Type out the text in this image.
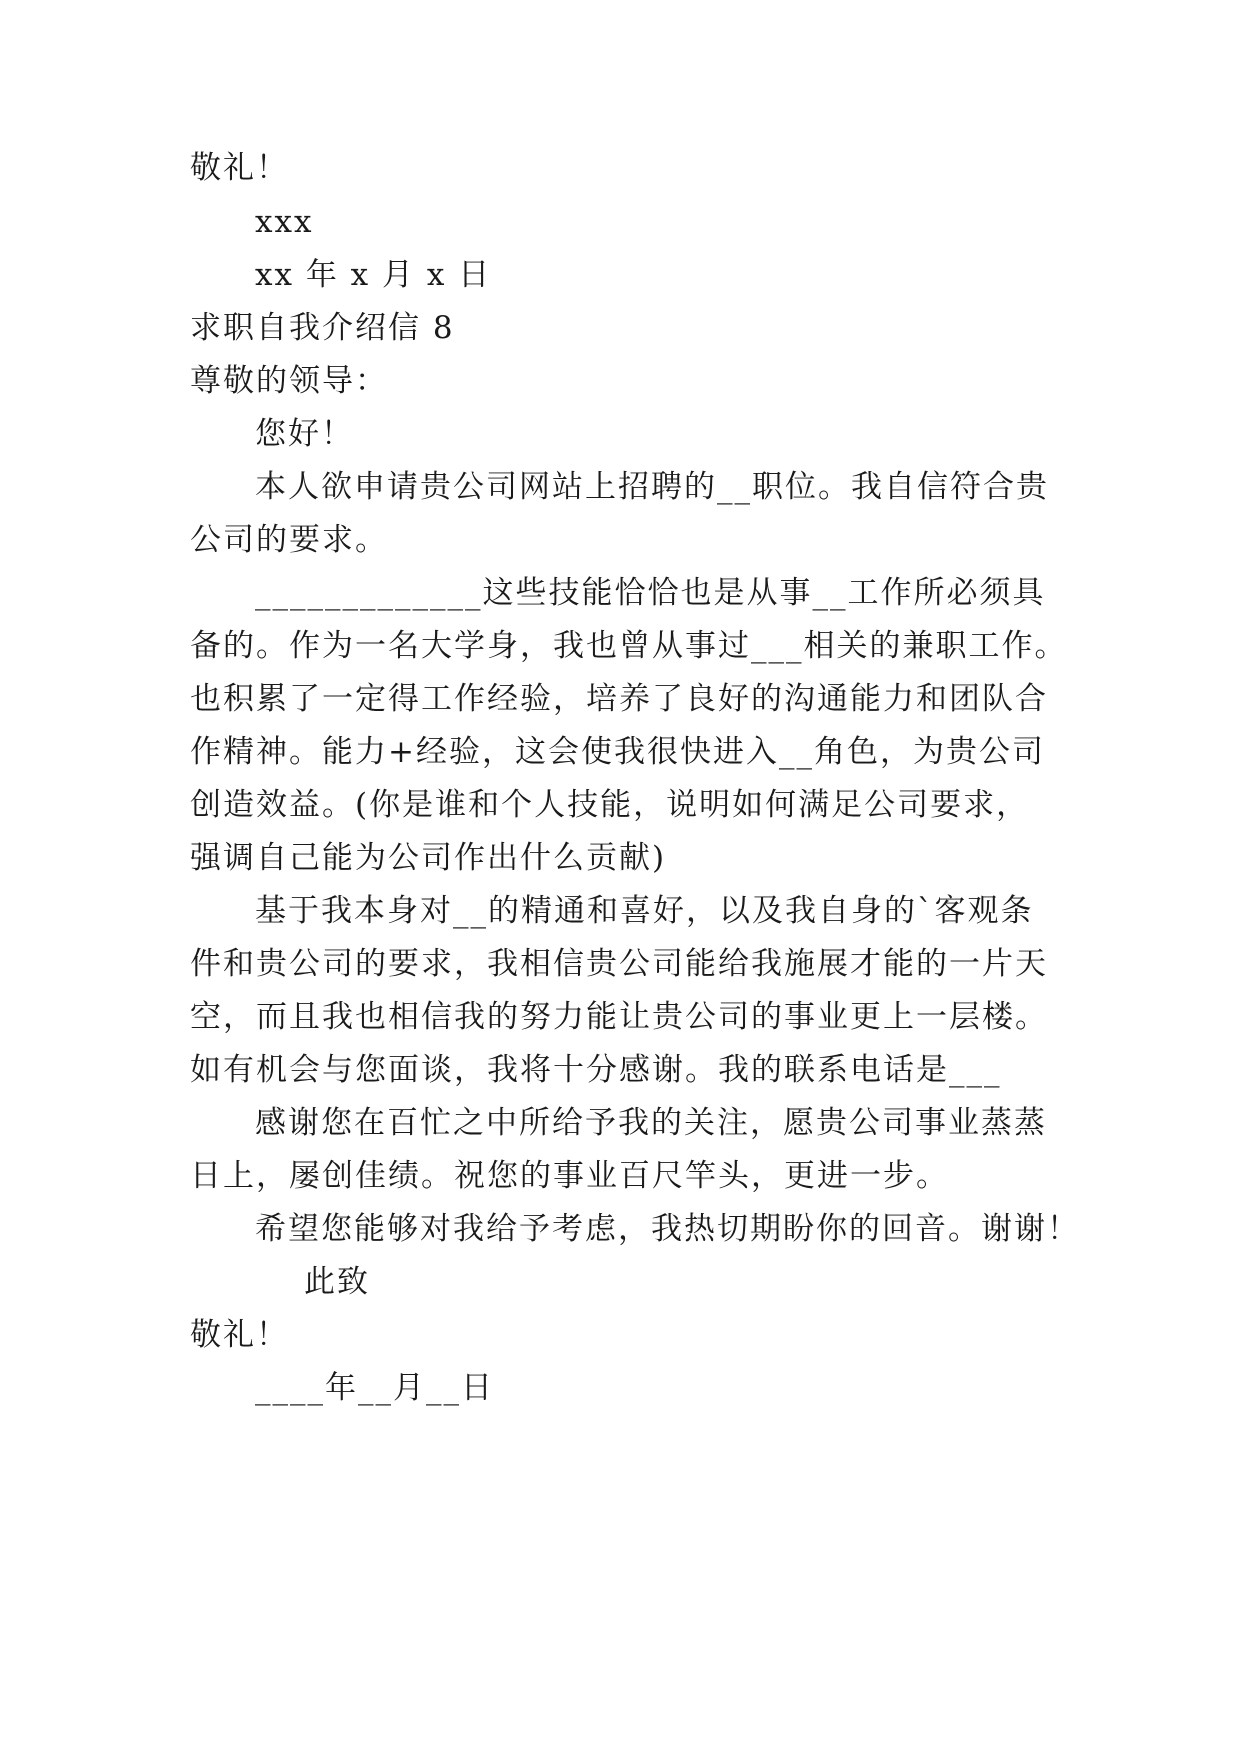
敬礼！
xxx
xx 年 x 月 x 日
求职自我介绍信 8
尊敬的领导：
您好！
本人欲申请贵公司网站上招聘的__职位。我自信符合贵
公司的要求。
_____________这些技能恰恰也是从事__工作所必须具
备的。作为一名大学身，我也曾从事过___相关的兼职工作。
也积累了一定得工作经验，培养了良好的沟通能力和团队合
作精神。能力+经验，这会使我很快进入__角色，为贵公司
创造效益。(你是谁和个人技能，说明如何满足公司要求，
强调自己能为公司作出什么贡献)
基于我本身对__的精通和喜好，以及我自身的`客观条
件和贵公司的要求，我相信贵公司能给我施展才能的一片天
空，而且我也相信我的努力能让贵公司的事业更上一层楼。
如有机会与您面谈，我将十分感谢。我的联系电话是___
感谢您在百忙之中所给予我的关注，愿贵公司事业蒸蒸
日上，屡创佳绩。祝您的事业百尺竿头，更进一步。
希望您能够对我给予考虑，我热切期盼你的回音。谢谢！
此致
敬礼！
____年__月__日
